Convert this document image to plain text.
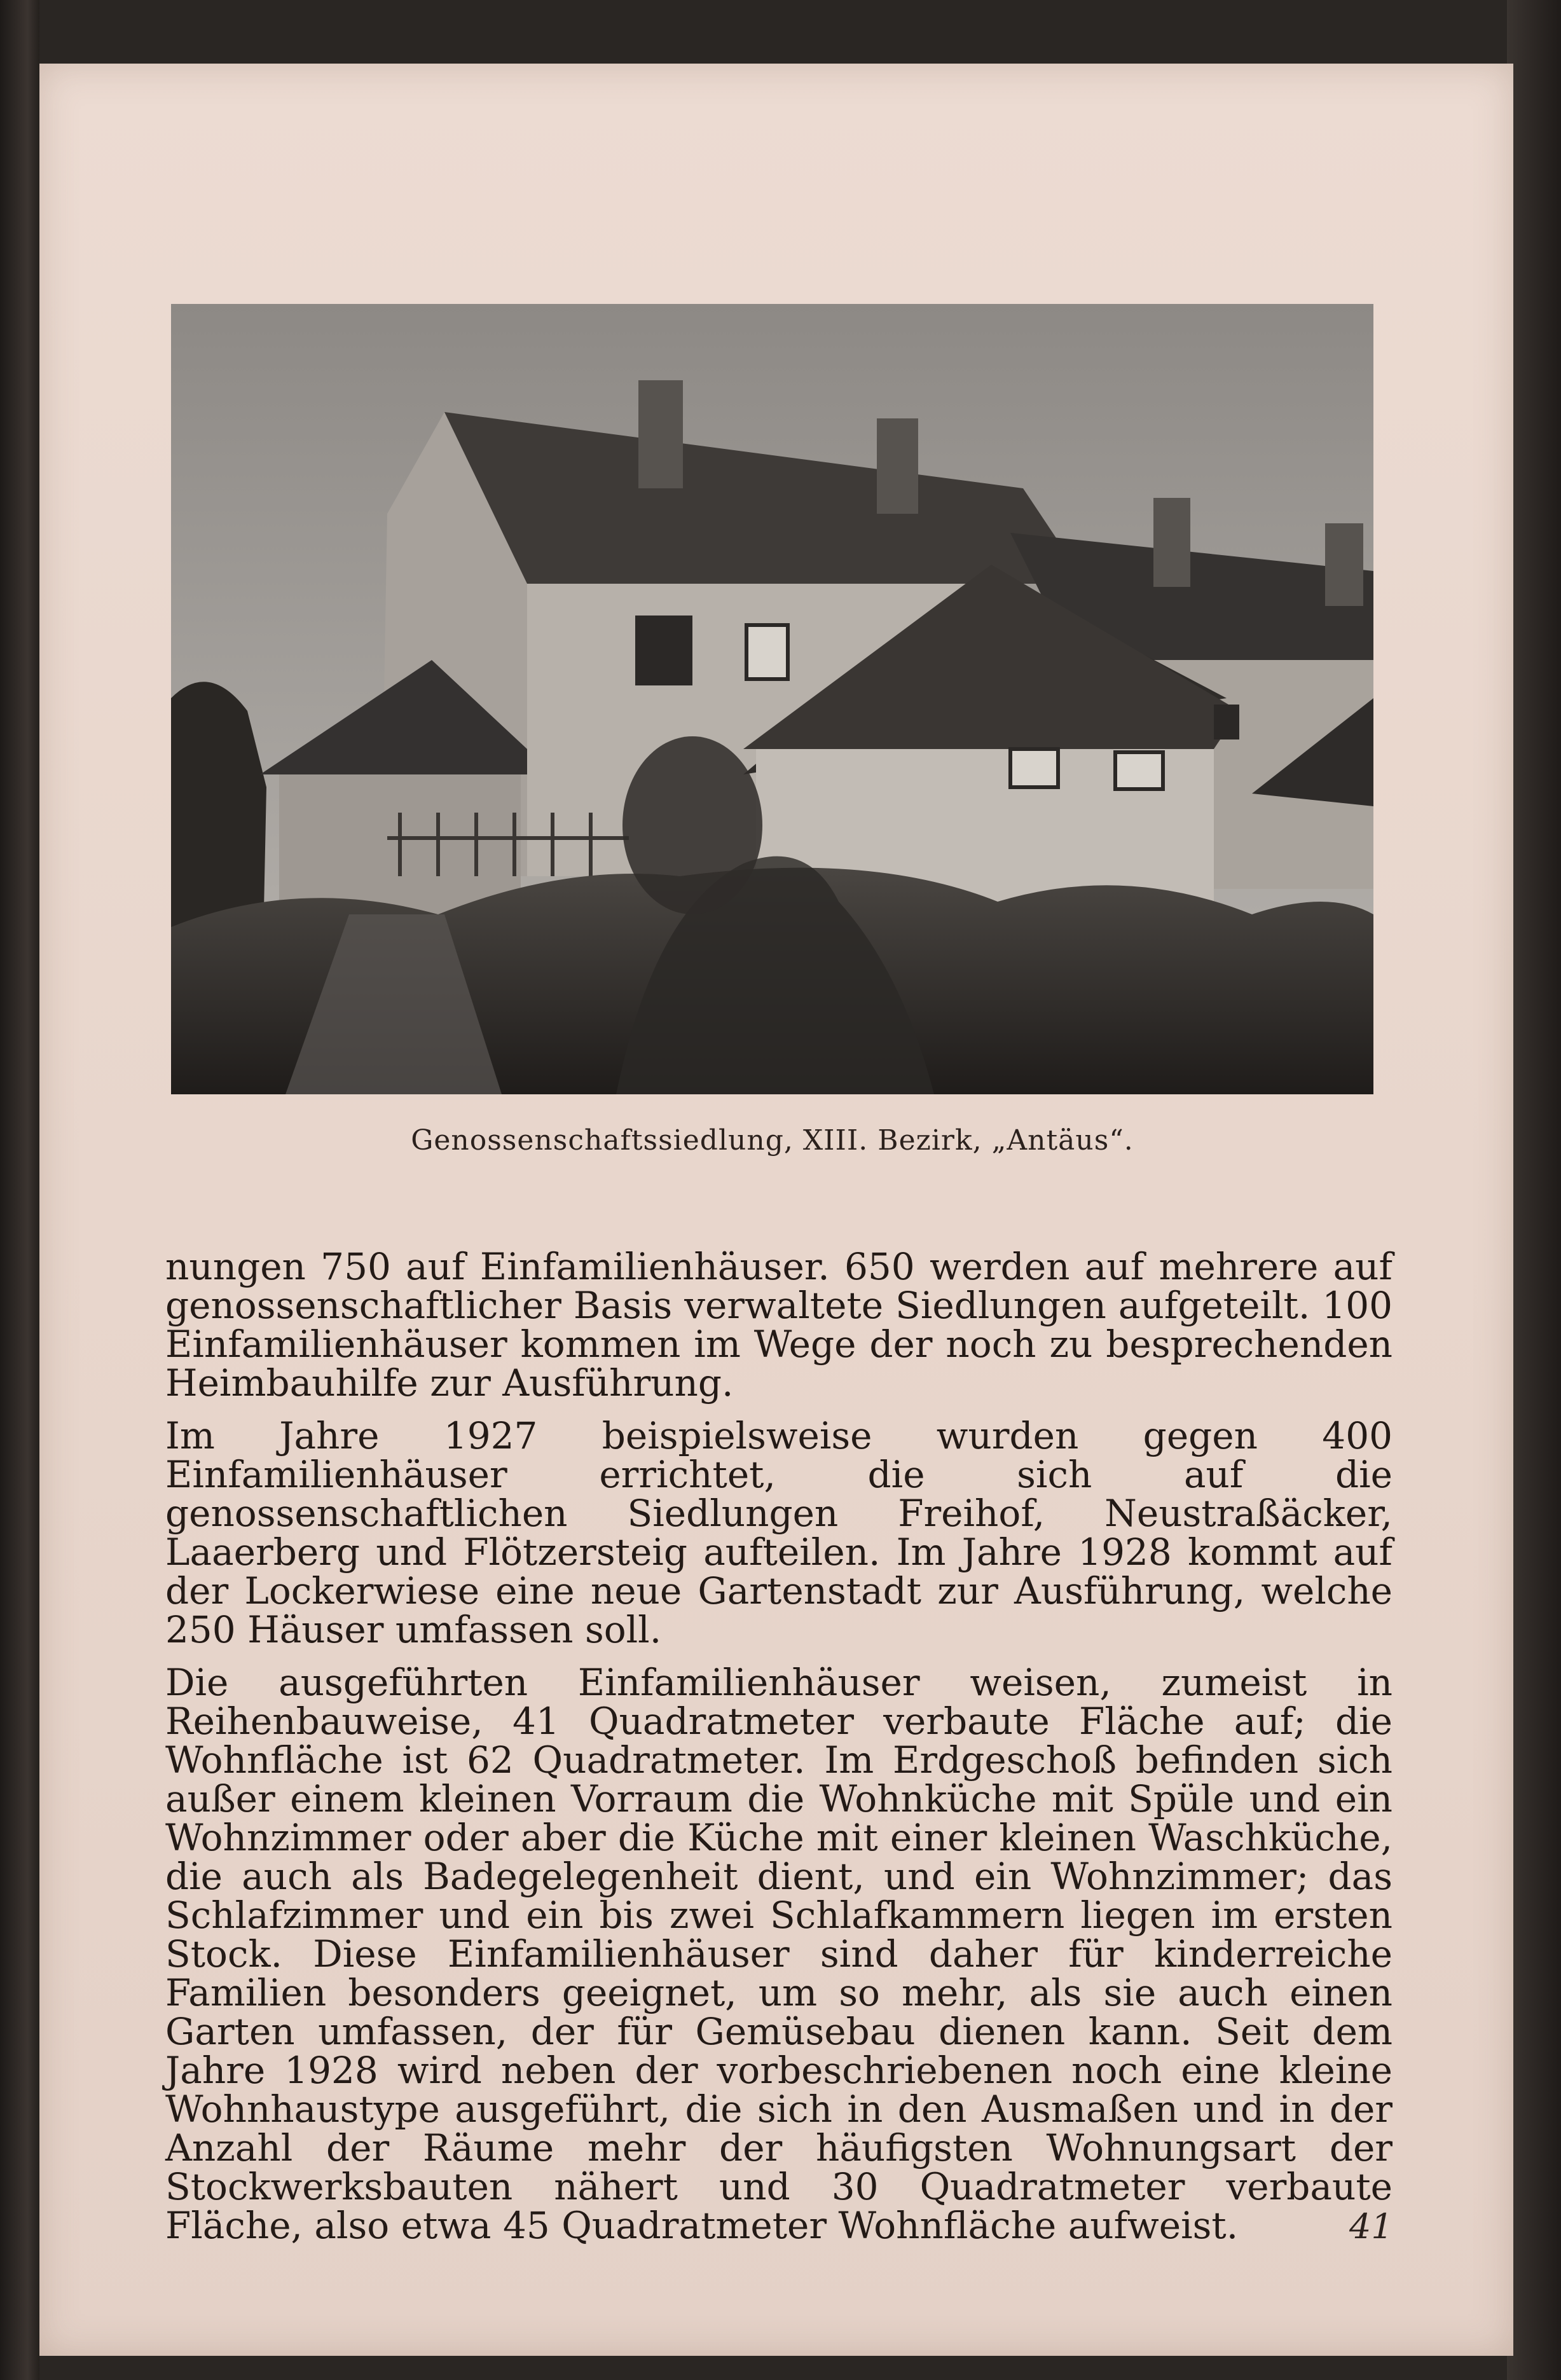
Genossenschaftssiedlung, XIII. Bezirk, „Antäus“.

nungen 750 auf Einfamilienhäuser. 650 werden auf mehrere auf genossenschaftlicher Basis verwaltete Siedlungen aufgeteilt. 100 Einfamilienhäuser kommen im Wege der noch zu besprechenden Heimbauhilfe zur Ausführung.

Im Jahre 1927 beispielsweise wurden gegen 400 Einfamilienhäuser errichtet, die sich auf die genossenschaftlichen Siedlungen Freihof, Neustraßäcker, Laaerberg und Flötzersteig aufteilen. Im Jahre 1928 kommt auf der Lockerwiese eine neue Gartenstadt zur Ausführung, welche 250 Häuser umfassen soll.

Die ausgeführten Einfamilienhäuser weisen, zumeist in Reihenbauweise, 41 Quadratmeter verbaute Fläche auf; die Wohnfläche ist 62 Quadratmeter. Im Erdgeschoß befinden sich außer einem kleinen Vorraum die Wohnküche mit Spüle und ein Wohnzimmer oder aber die Küche mit einer kleinen Waschküche, die auch als Badegelegenheit dient, und ein Wohnzimmer; das Schlafzimmer und ein bis zwei Schlafkammern liegen im ersten Stock. Diese Einfamilienhäuser sind daher für kinderreiche Familien besonders geeignet, um so mehr, als sie auch einen Garten umfassen, der für Gemüsebau dienen kann. Seit dem Jahre 1928 wird neben der vorbeschriebenen noch eine kleine Wohnhaustype ausgeführt, die sich in den Ausmaßen und in der Anzahl der Räume mehr der häufigsten Wohnungsart der Stockwerksbauten nähert und 30 Quadratmeter verbaute Fläche, also etwa 45 Quadratmeter Wohnfläche aufweist.	41
